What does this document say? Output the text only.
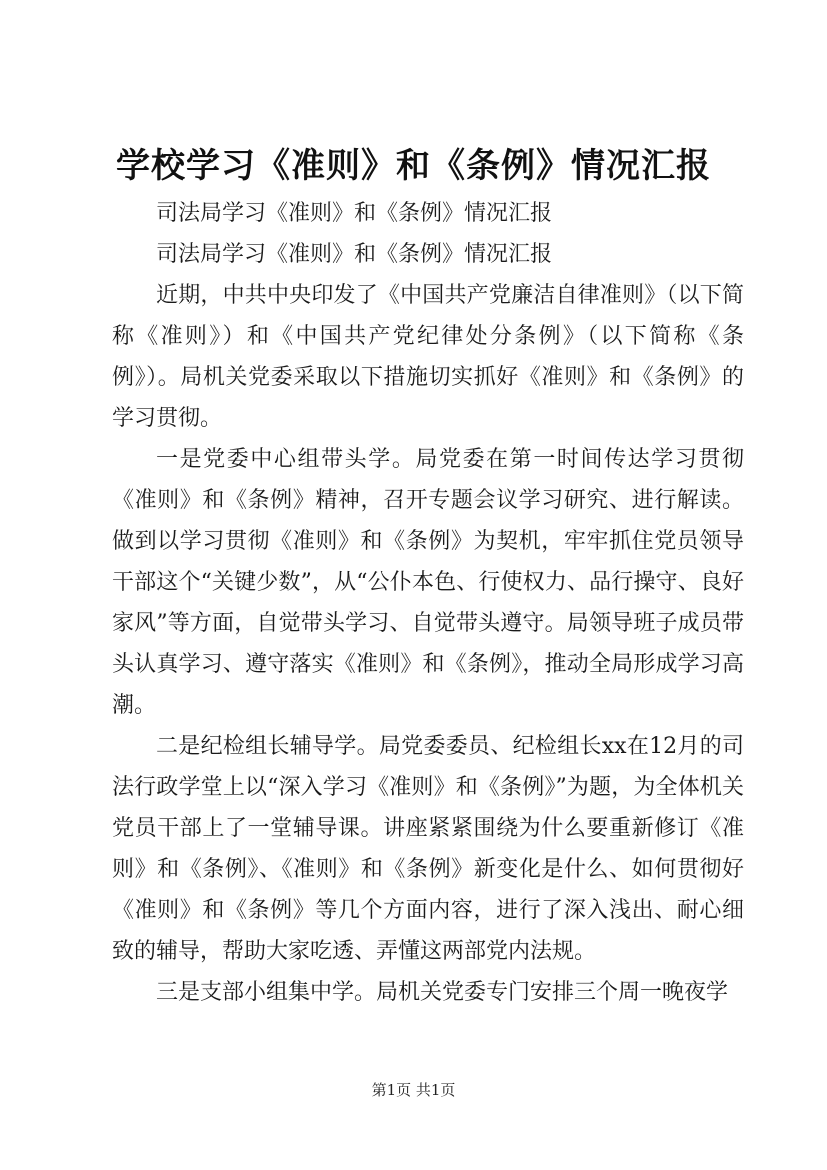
学校学习《准则》和《条例》情况汇报

司法局学习《准则》和《条例》情况汇报

司法局学习《准则》和《条例》情况汇报

近期，中共中央印发了《中国共产党廉洁自律准则》（以下简称《准则》）和《中国共产党纪律处分条例》（以下简称《条例》）。局机关党委采取以下措施切实抓好《准则》和《条例》的学习贯彻。

一是党委中心组带头学。局党委在第一时间传达学习贯彻《准则》和《条例》精神，召开专题会议学习研究、进行解读。做到以学习贯彻《准则》和《条例》为契机，牢牢抓住党员领导干部这个“关键少数”，从“公仆本色、行使权力、品行操守、良好家风”等方面，自觉带头学习、自觉带头遵守。局领导班子成员带头认真学习、遵守落实《准则》和《条例》，推动全局形成学习高潮。

二是纪检组长辅导学。局党委委员、纪检组长xx在12月的司法行政学堂上以“深入学习《准则》和《条例》”为题，为全体机关党员干部上了一堂辅导课。讲座紧紧围绕为什么要重新修订《准则》和《条例》、《准则》和《条例》新变化是什么、如何贯彻好《准则》和《条例》等几个方面内容，进行了深入浅出、耐心细致的辅导，帮助大家吃透、弄懂这两部党内法规。

三是支部小组集中学。局机关党委专门安排三个周一晚夜学

第1页 共1页
